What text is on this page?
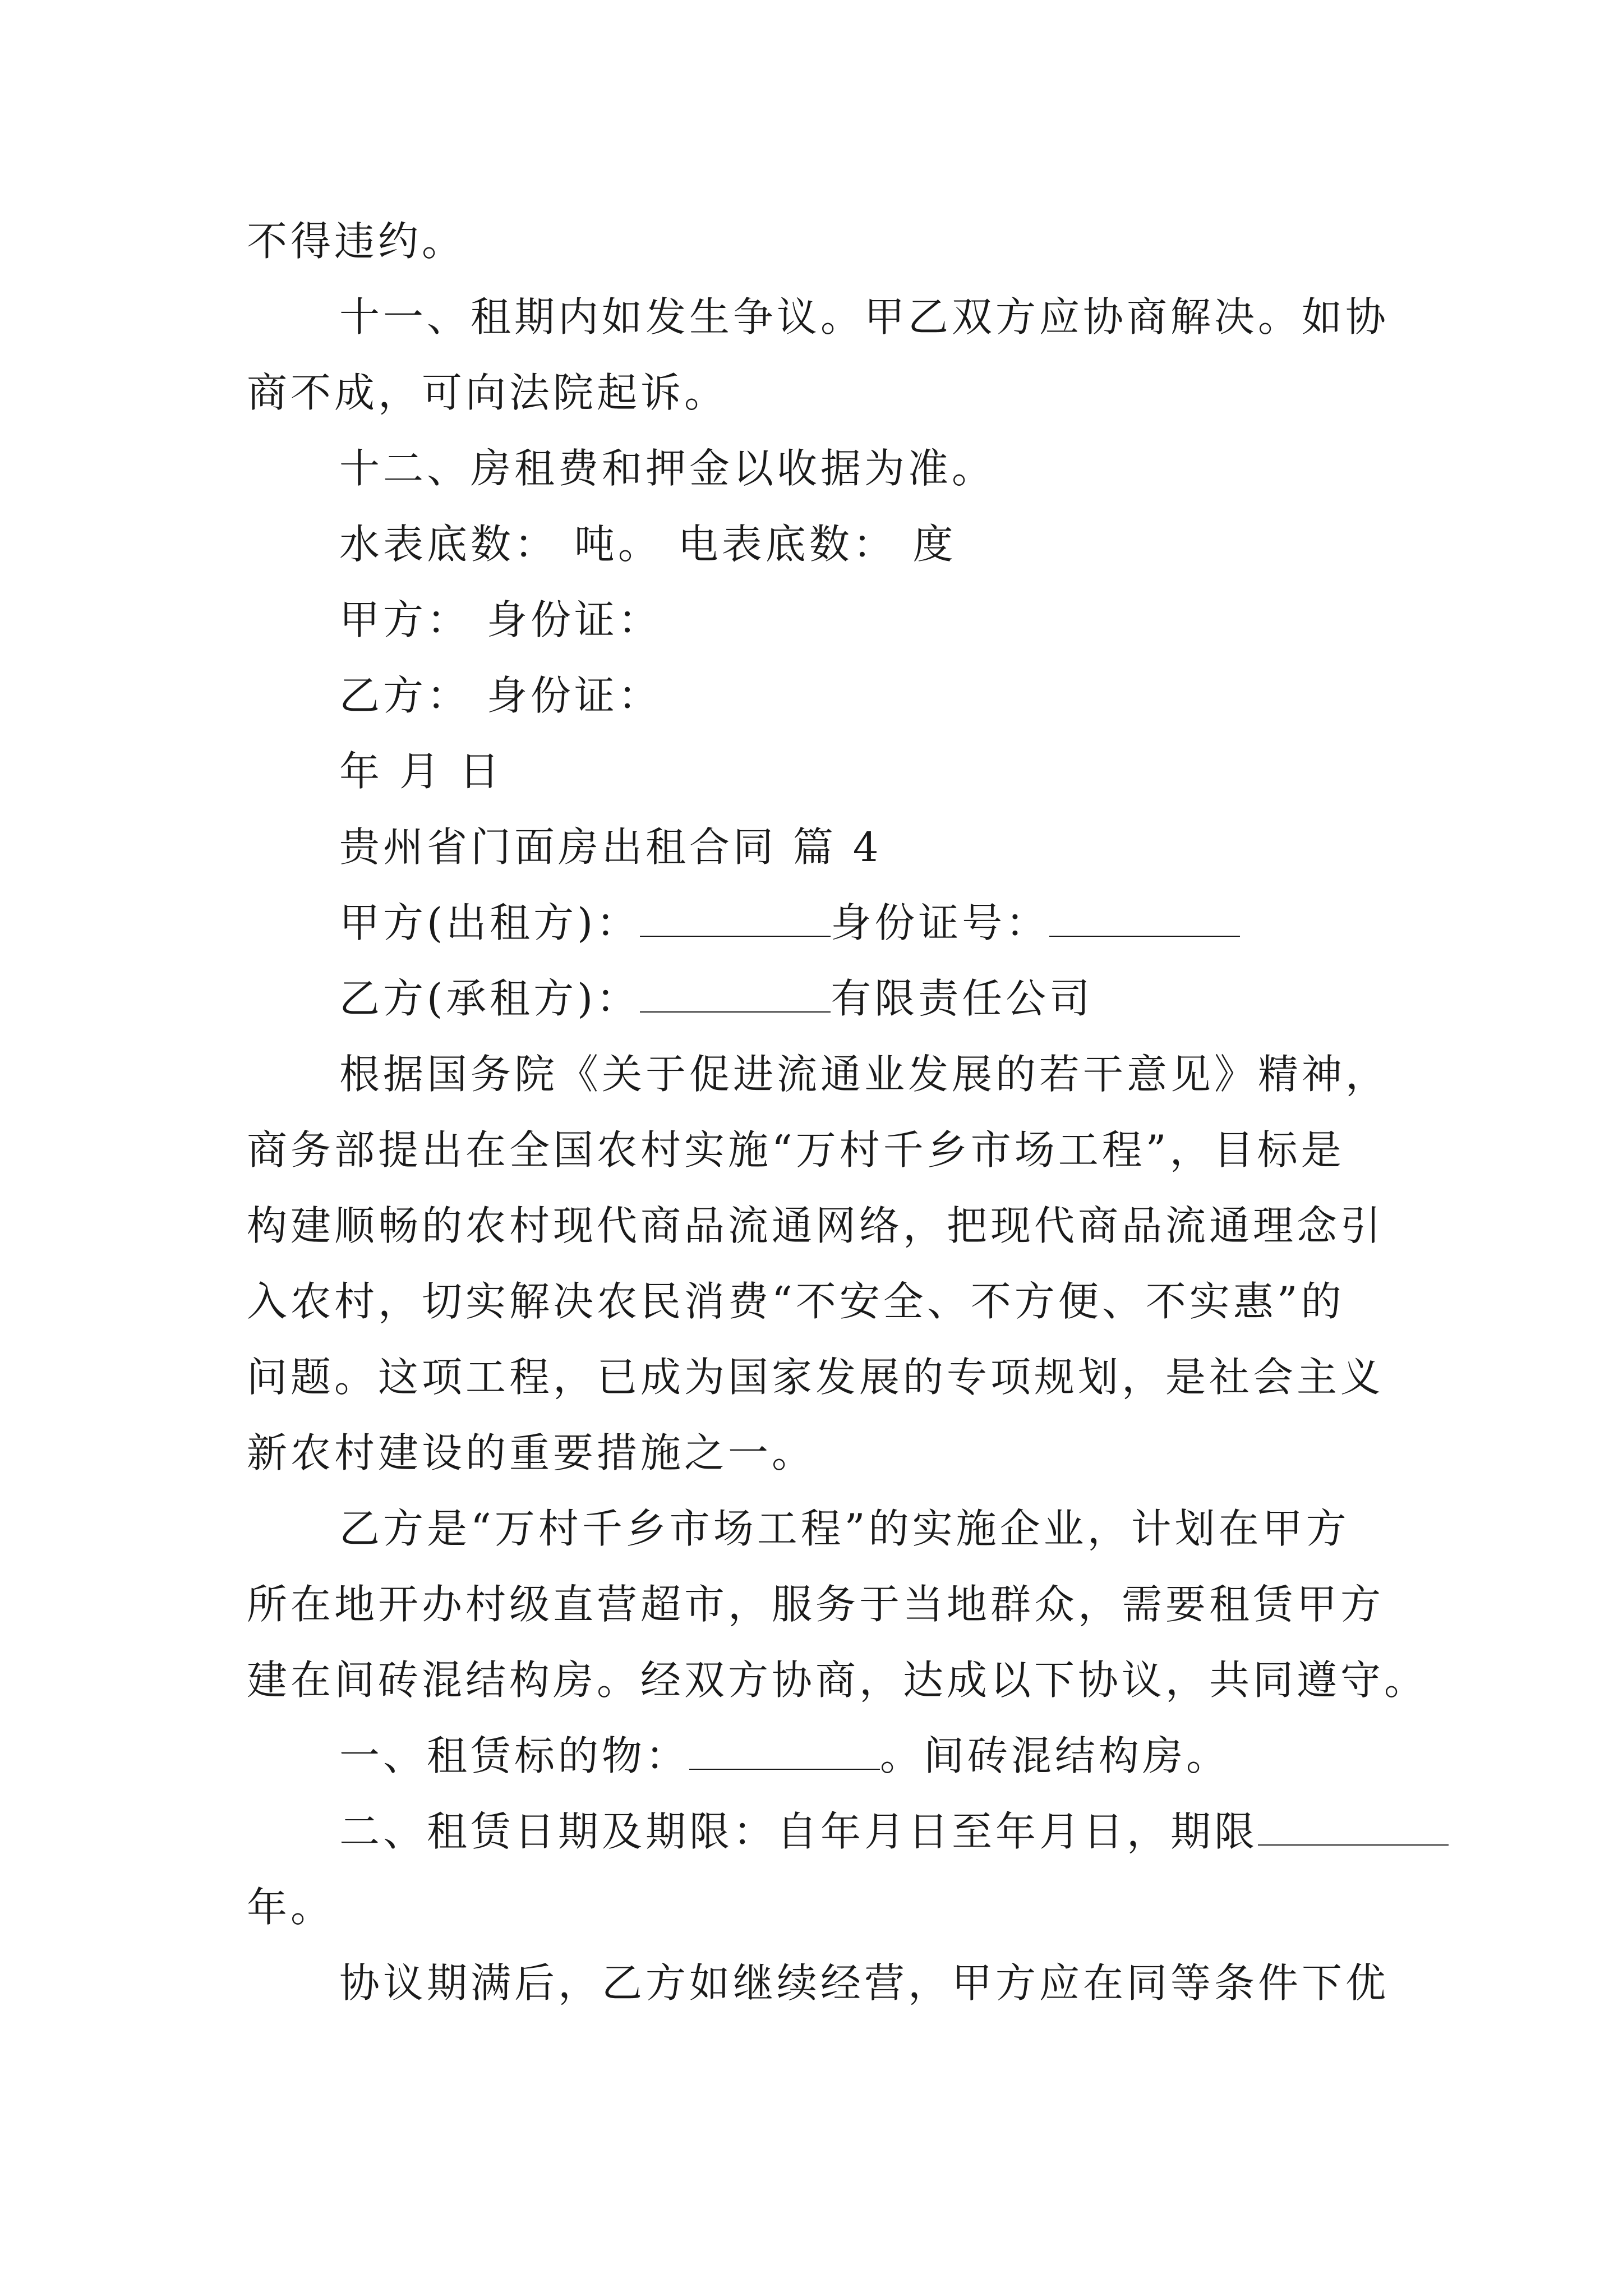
不得违约。
十一、租期内如发生争议。甲乙双方应协商解决。如协
商不成，可向法院起诉。
十二、房租费和押金以收据为准。
水表底数： 吨。 电表底数： 度
甲方： 身份证：
乙方： 身份证：
年 月 日
贵州省门面房出租合同 篇 4
甲方(出租方)：	身份证号：
乙方(承租方)：	有限责任公司
根据国务院《关于促进流通业发展的若干意见》精神，
商务部提出在全国农村实施“万村千乡市场工程”，目标是
构建顺畅的农村现代商品流通网络，把现代商品流通理念引
入农村，切实解决农民消费“不安全、不方便、不实惠”的
问题。这项工程，已成为国家发展的专项规划，是社会主义
新农村建设的重要措施之一。
乙方是“万村千乡市场工程”的实施企业，计划在甲方
所在地开办村级直营超市，服务于当地群众，需要租赁甲方
建在间砖混结构房。经双方协商，达成以下协议，共同遵守。
一、租赁标的物：	。间砖混结构房。
二、租赁日期及期限：自年月日至年月日，期限
年。
协议期满后，乙方如继续经营，甲方应在同等条件下优
